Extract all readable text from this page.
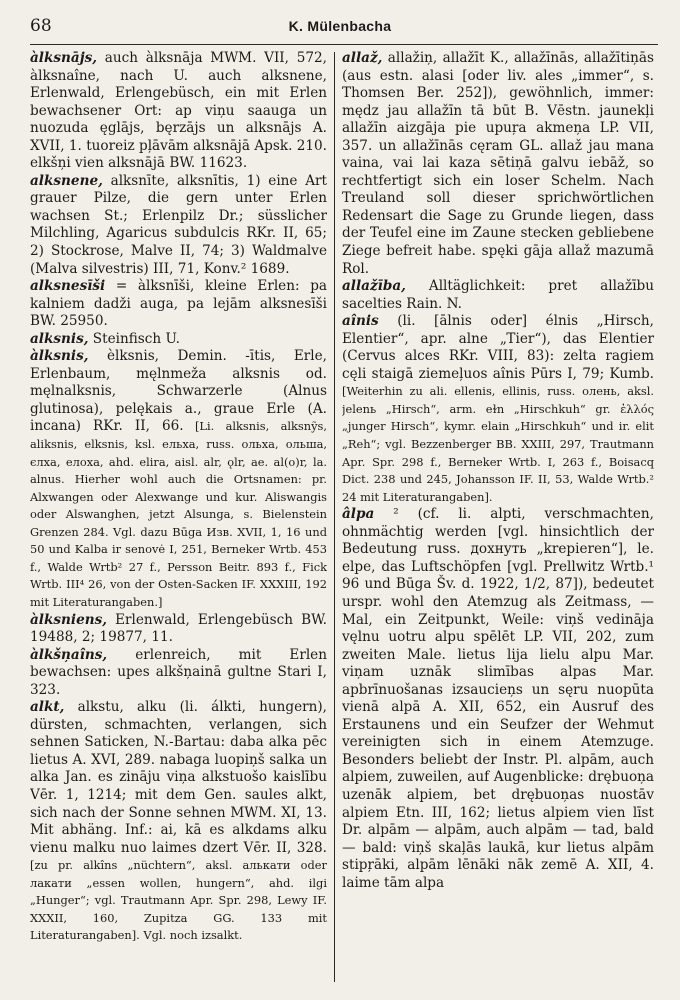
68	K. Mülenbacha

àlksnājs, auch àlksnāja MWM. VII, 572, àlksnaîne, nach U. auch alksnene, Erlenwald, Erlengebüsch, ein mit Erlen bewachsener Ort: ap viņu saauga un nuozuda ęglājs, bęrzājs un alksnājs A. XVII, 1. tuoreiz pļāvām alksnājā Apsk. 210. elkšņi vien alksnājā BW. 11623.

alksnene, alksnīte, alksnītis, 1) eine Art grauer Pilze, die gern unter Erlen wachsen St.; Erlenpilz Dr.; süsslicher Milchling, Agaricus subdulcis RKr. II, 65; 2) Stockrose, Malve II, 74; 3) Waldmalve (Malva silvestris) III, 71, Konv.² 1689.

alksnesīši = àlksnīši, kleine Erlen: pa kalniem dadži auga, pa lejām alksnesīši BW. 25950.

alksnis, Steinfisch U.

àlksnis, èlksnis, Demin. -ītis, Erle, Erlenbaum, męlnmeža alksnis od. męlnalksnis, Schwarzerle (Alnus glutinosa), pelękais a., graue Erle (A. incana) RKr. II, 66. [Li. alksnis, alksnỹs, aliksnis, elksnis, ksl. ельха, russ. ольха, ольша, єлха, елоха, ahd. elira, aisl. alr, ǫlr, ae. al(o)r, la. alnus. Hierher wohl auch die Ortsnamen: pr. Alxwangen oder Alexwange und kur. Aliswangis oder Alswanghen, jetzt Alsunga, s. Bielenstein Grenzen 284. Vgl. dazu Būga Изв. XVII, 1, 16 und 50 und Kalba ir senovė I, 251, Berneker Wrtb. 453 f., Walde Wrtb² 27 f., Persson Beitr. 893 f., Fick Wrtb. III⁴ 26, von der Osten-Sacken IF. XXXIII, 192 mit Literaturangaben.]

àlksniens, Erlenwald, Erlengebüsch BW. 19488, 2; 19877, 11.

àlkšņaîns, erlenreich, mit Erlen bewachsen: upes alkšņainā gultne Stari I, 323.

alkt, alkstu, alku (li. álkti, hungern), dürsten, schmachten, verlangen, sich sehnen Saticken, N.-Bartau: daba alka pēc lietus A. XVI, 289. nabaga luopiņš salka un alka Jan. es zināju viņa alkstuošo kaislību Vēr. 1, 1214; mit dem Gen. saules alkt, sich nach der Sonne sehnen MWM. XI, 13. Mit abhäng. Inf.: ai, kā es alkdams alku vienu malku nuo laimes dzert Vēr. II, 328. [zu pr. alkîns „nüchtern“, aksl. алькати oder лакати „essen wollen, hungern“, ahd. ilgi „Hunger“; vgl. Trautmann Apr. Spr. 298, Lewy IF. XXXII, 160, Zupitza GG. 133 mit Literaturangaben]. Vgl. noch izsalkt.

allaž, allažiņ, allažīt K., allažīnās, allažītiņās (aus estn. alasi [oder liv. ales „immer“, s. Thomsen Ber. 252]), gewöhnlich, immer: mędz jau allažīn tā būt B. Vēstn. jaunekļi allažīn aizgāja pie upuŗa akmeņa LP. VII, 357. un allažīnās cęram GL. allaž jau mana vaina, vai lai kaza sētiņā galvu iebāž, so rechtfertigt sich ein loser Schelm. Nach Treuland soll dieser sprichwörtlichen Redensart die Sage zu Grunde liegen, dass der Teufel eine im Zaune stecken gebliebene Ziege befreit habe. spęki gāja allaž mazumā Rol.

allažība, Alltäglichkeit: pret allažību sacelties Rain. N.

aînis (li. [ālnis oder] élnis „Hirsch, Elentier“, apr. alne „Tier“), das Elentier (Cervus alces RKr. VIII, 83): zelta ragiem cęli staigā ziemeļuos aînis Pūrs I, 79; Kumb. [Weiterhin zu ali. ellenis, ellinis, russ. олень, aksl. jelenь „Hirsch“, arm. eɫn „Hirschkuh“ gr. ἐλλός „junger Hirsch“, kymr. elain „Hirschkuh“ und ir. elit „Reh“; vgl. Bezzenberger BB. XXIII, 297, Trautmann Apr. Spr. 298 f., Berneker Wrtb. I, 263 f., Boisacq Dict. 238 und 245, Johansson IF. II, 53, Walde Wrtb.² 24 mit Literaturangaben].

âlpa ² (cf. li. alpti, verschmachten, ohnmächtig werden [vgl. hinsichtlich der Bedeutung russ. дохнуть „krepieren“], le. elpe, das Luftschöpfen [vgl. Prellwitz Wrtb.¹ 96 und Būga Šv. d. 1922, 1/2, 87]), bedeutet urspr. wohl den Atemzug als Zeitmass, — Mal, ein Zeitpunkt, Weile: viņš vedināja vęlnu uotru alpu spēlēt LP. VII, 202, zum zweiten Male. lietus lija lielu alpu Mar. viņam uznāk slimības alpas Mar. apbrīnuošanas izsaucieņs un sęru nuopūta vienā alpā A. XII, 652, ein Ausruf des Erstaunens und ein Seufzer der Wehmut vereinigten sich in einem Atemzuge. Besonders beliebt der Instr. Pl. alpām, auch alpiem, zuweilen, auf Augenblicke: drębuoņa uzenāk alpiem, bet drębuoņas nuostāv alpiem Etn. III, 162; lietus alpiem vien līst Dr. alpām — alpām, auch alpām — tad, bald — bald: viņš skaļās laukā, kur lietus alpām stipŗāki, alpām lēnāki nāk zemē A. XII, 4. laime tām alpa
